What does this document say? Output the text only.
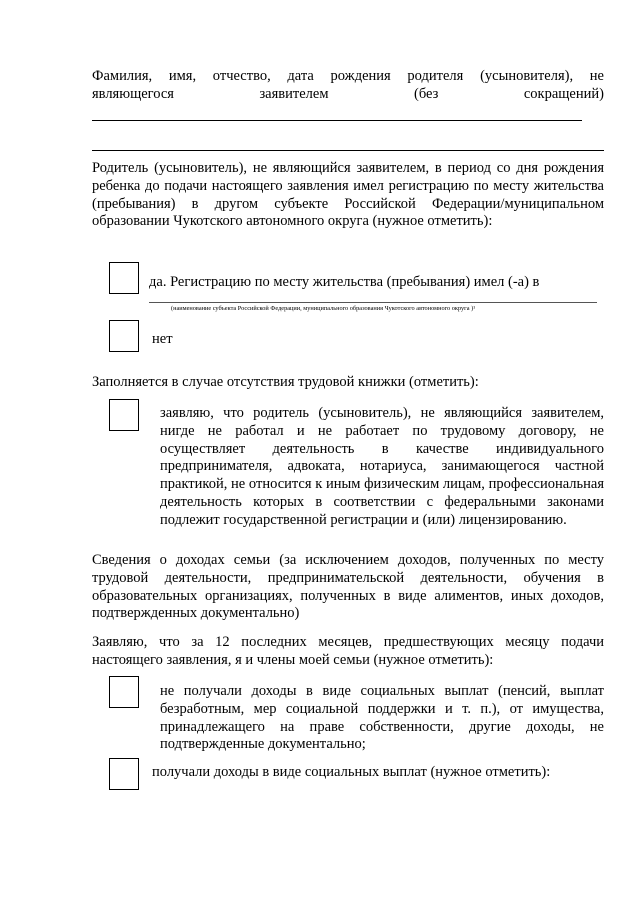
Фамилия, имя, отчество, дата рождения родителя (усыновителя), не
являющегося	заявителем	(без	сокращений)
Родитель (усыновитель), не являющийся заявителем, в период со дня рождения ребенка до подачи настоящего заявления имел регистрацию по месту жительства (пребывания) в другом субъекте Российской Федерации/муниципальном образовании Чукотского автономного округа (нужное отметить):
да. Регистрацию по месту жительства (пребывания) имел (-а) в
(наименование субъекта Российской Федерации, муниципального образования Чукотского автономного округа )¹
нет
Заполняется в случае отсутствия трудовой книжки (отметить):
заявляю, что родитель (усыновитель), не являющийся заявителем, нигде не работал и не работает по трудовому договору, не осуществляет деятельность в качестве индивидуального предпринимателя, адвоката, нотариуса, занимающегося частной практикой, не относится к иным физическим лицам, профессиональная деятельность которых в соответствии с федеральными законами подлежит государственной регистрации и (или) лицензированию.
Сведения о доходах семьи (за исключением доходов, полученных по месту трудовой деятельности, предпринимательской деятельности, обучения в образовательных организациях, полученных в виде алиментов, иных доходов, подтвержденных документально)
Заявляю, что за 12 последних месяцев, предшествующих месяцу подачи настоящего заявления, я и члены моей семьи (нужное отметить):
не получали доходы в виде социальных выплат (пенсий, выплат безработным, мер социальной поддержки и т. п.), от имущества, принадлежащего на праве собственности, другие доходы, не подтвержденные документально;
получали доходы в виде социальных выплат (нужное отметить):
